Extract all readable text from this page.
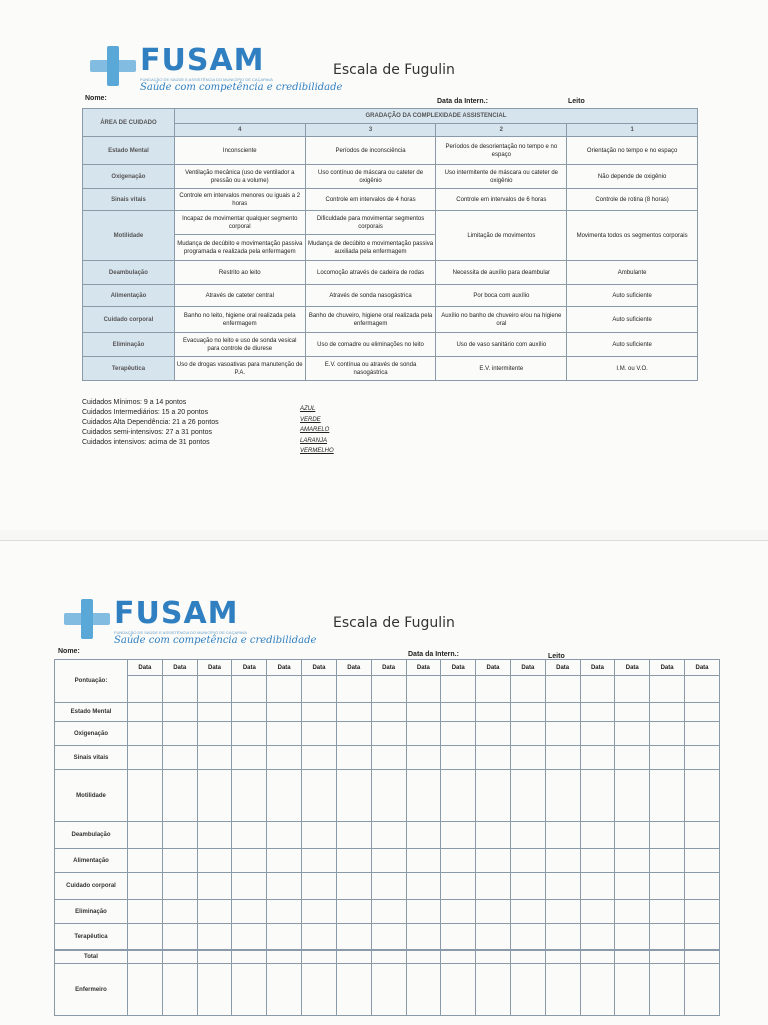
FUSAM
FUNDAÇÃO DE SAÚDE E ASSISTÊNCIA DO MUNICÍPIO DE CAÇAPAVA
Saúde com competência e credibilidade
Escala de Fugulin
Nome:	Data da Intern.:	Leito
ÁREA DE CUIDADO	GRADAÇÃO DA COMPLEXIDADE ASSISTENCIAL			
	4	3	2	1
Estado Mental	Inconsciente	Períodos de inconsciência	Períodos de desorientação no tempo e no espaço	Orientação no tempo e no espaço
Oxigenação	Ventilação mecânica (uso de ventilador a pressão ou a volume)	Uso contínuo de máscara ou cateter de oxigênio	Uso intermitente de máscara ou cateter de oxigênio	Não depende de oxigênio
Sinais vitais	Controle em intervalos menores ou iguais a 2 horas	Controle em intervalos de 4 horas	Controle em intervalos de 6 horas	Controle de rotina (8 horas)
Motilidade	Incapaz de movimentar qualquer segmento corporal	Dificuldade para movimentar segmentos corporais	Limitação de movimentos	Movimenta todos os segmentos corporais
	Mudança de decúbito e movimentação passiva programada e realizada pela enfermagem	Mudança de decúbito e movimentação passiva auxiliada pela enfermagem		
Deambulação	Restrito ao leito	Locomoção através de cadeira de rodas	Necessita de auxílio para deambular	Ambulante
Alimentação	Através de cateter central	Através de sonda nasogástrica	Por boca com auxílio	Auto suficiente
Cuidado corporal	Banho no leito, higiene oral realizada pela enfermagem	Banho de chuveiro, higiene oral realizada pela enfermagem	Auxílio no banho de chuveiro e/ou na higiene oral	Auto suficiente
Eliminação	Evacuação no leito e uso de sonda vesical para controle de diurese	Uso de comadre ou eliminações no leito	Uso de vaso sanitário com auxílio	Auto suficiente
Terapêutica	Uso de drogas vasoativas para manutenção de P.A.	E.V. contínua ou através de sonda nasogástrica	E.V. intermitente	I.M. ou V.O.
Cuidados Mínimos: 9 a 14 pontos
Cuidados Intermediários: 15 a 20 pontos
Cuidados Alta Dependência: 21 a 26 pontos
Cuidados semi-intensivos: 27 a 31 pontos
Cuidados intensivos: acima de 31 pontos
AZUL
VERDE
AMARELO
LARANJA
VERMELHO
FUSAM
FUNDAÇÃO DE SAÚDE E ASSISTÊNCIA DO MUNICÍPIO DE CAÇAPAVA
Saúde com competência e credibilidade
Escala de Fugulin
Nome:	Data da Intern.:	Leito
Pontuação:	Data	Data	Data	Data	Data	Data	Data	Data	Data	Data	Data	Data	Data	Data	Data	Data	Data

Estado Mental																	
Oxigenação																	
Sinais vitais																	
Motilidade																	
Deambulação																	
Alimentação																	
Cuidado corporal																	
Eliminação																	
Terapêutica																	
Total																	
Enfermeiro																	
